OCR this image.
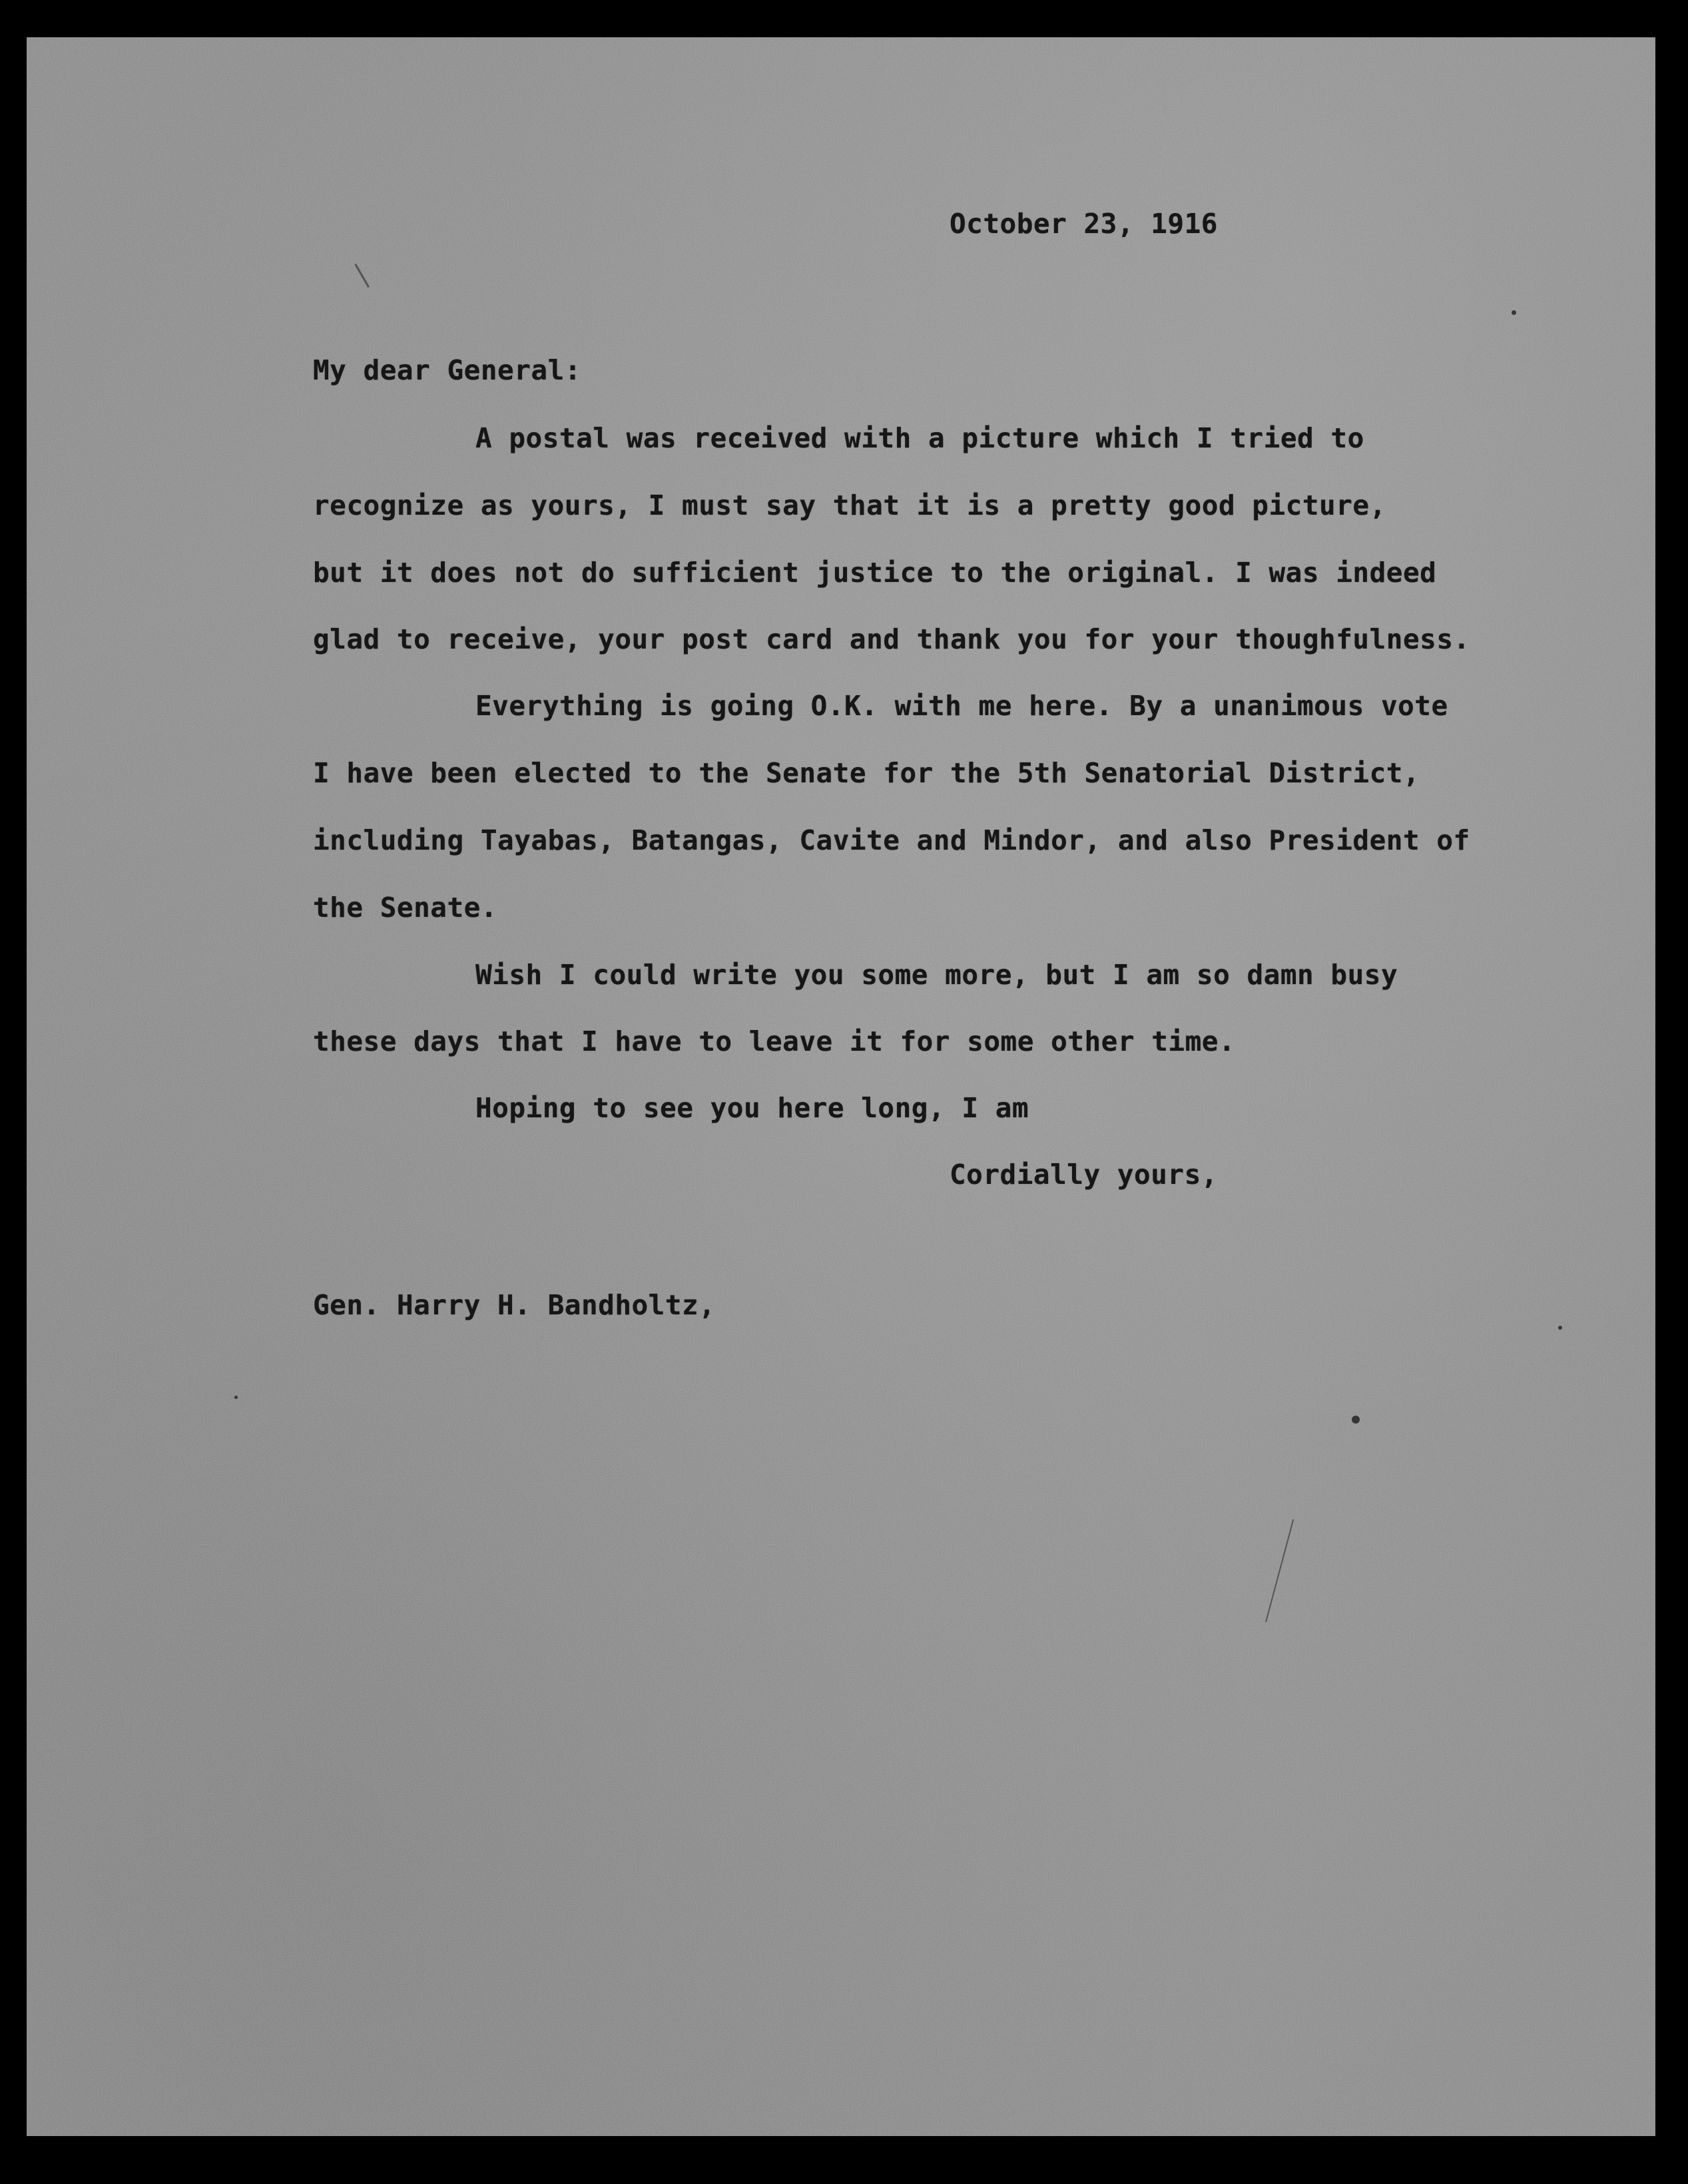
October 23, 1916

My dear General:

A postal was received with a picture which I tried to

recognize as yours, I must say that it is a pretty good picture,

but it does not do sufficient justice to the original. I was indeed

glad to receive, your post card and thank you for your thoughfulness.

Everything is going O.K. with me here. By a unanimous vote

I have been elected to the Senate for the 5th Senatorial District,

including Tayabas, Batangas, Cavite and Mindor, and also President of

the Senate.

Wish I could write you some more, but I am so damn busy

these days that I have to leave it for some other time.

Hoping to see you here long, I am

Cordially yours,

Gen. Harry H. Bandholtz,
